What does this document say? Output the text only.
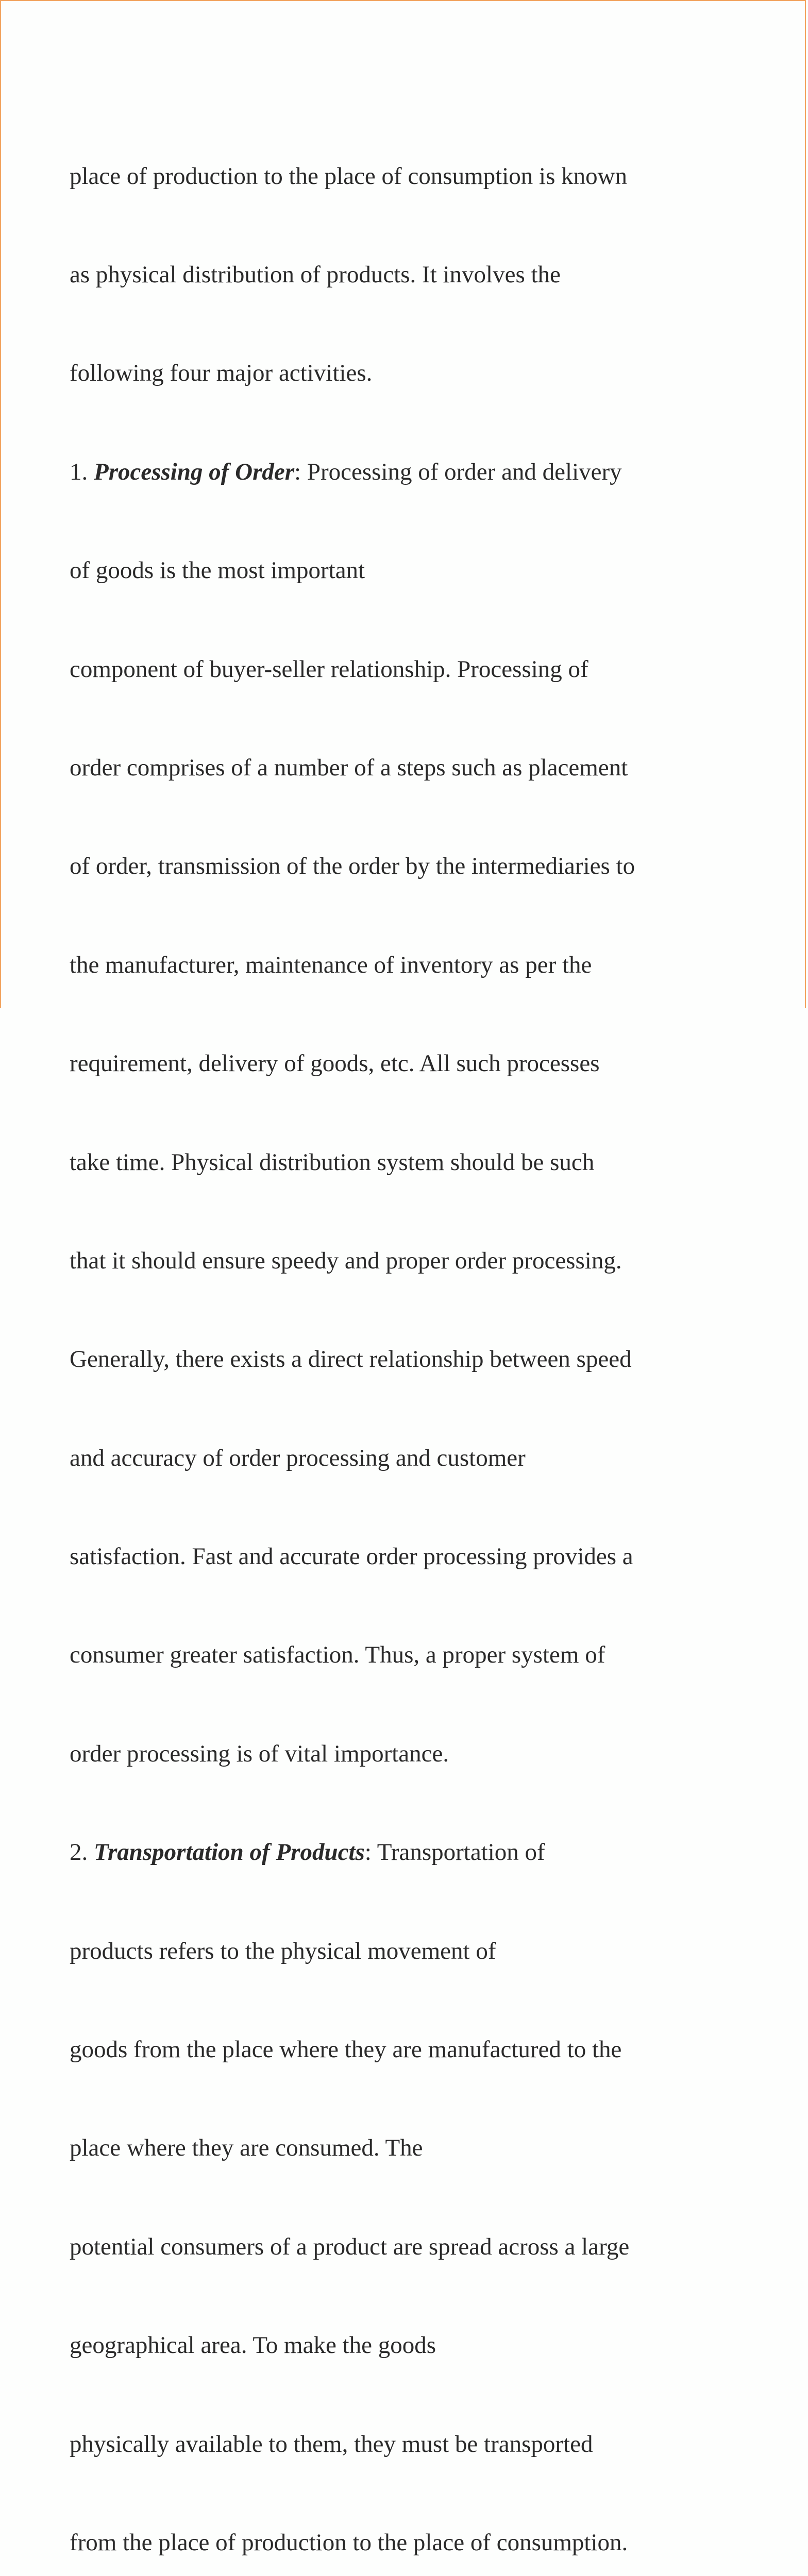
place of production to the place of consumption is known

as physical distribution of products. It involves the

following four major activities.

1. Processing of Order: Processing of order and delivery

of goods is the most important

component of buyer-seller relationship. Processing of

order comprises of a number of a steps such as placement

of order, transmission of the order by the intermediaries to

the manufacturer, maintenance of inventory as per the

requirement, delivery of goods, etc. All such processes

take time. Physical distribution system should be such

that it should ensure speedy and proper order processing.

Generally, there exists a direct relationship between speed

and accuracy of order processing and customer

satisfaction. Fast and accurate order processing provides a

consumer greater satisfaction. Thus, a proper system of

order processing is of vital importance.

2. Transportation of Products: Transportation of

products refers to the physical movement of

goods from the place where they are manufactured to the

place where they are consumed. The

potential consumers of a product are spread across a large

geographical area. To make the goods

physically available to them, they must be transported

from the place of production to the place of consumption.
